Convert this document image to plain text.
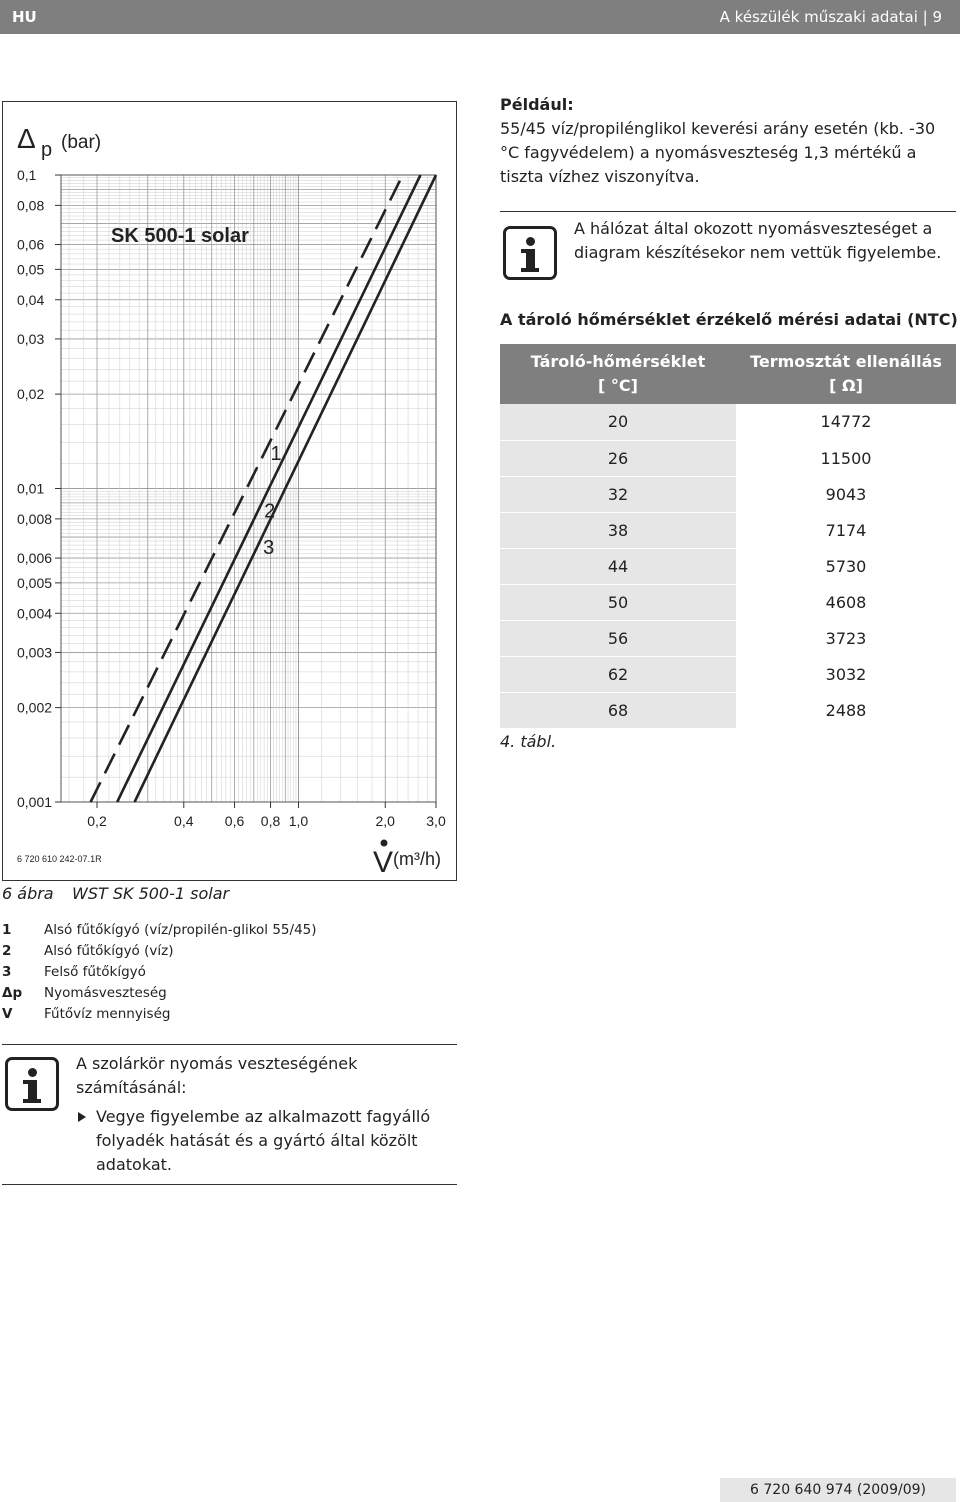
HU	A készülék műszaki adatai | 9
0,1
0,08
0,06
0,05
0,04
0,03
0,02
0,01
0,008
0,006
0,005
0,004
0,003
0,002
0,001
0,2	0,4 0,6 0,8 1,0	2,0 3,0
1
2
3
SK 500-1 solar
Δ p (bar)
V (m³/h)
6 720 610 242-07.1R
6 ábra WST SK 500-1 solar
1	Alsó fűtőkígyó (víz/propilén-glikol 55/45)
2	Alsó fűtőkígyó (víz)
3	Felső fűtőkígyó
Δp	Nyomásveszteség
V	Fűtővíz mennyiség
A szolárkör nyomás veszteségének számításánál:
Vegye figyelembe az alkalmazott fagyálló folyadék hatását és a gyártó által közölt adatokat.
Például:
55/45 víz/propilénglikol keverési arány esetén (kb. -30 °C fagyvédelem) a nyomásveszteség 1,3 mértékű a tiszta vízhez viszonyítva.
A hálózat által okozott nyomásveszteséget a diagram készítésekor nem vettük figyelembe.
A tároló hőmérséklet érzékelő mérési adatai (NTC)
Tároló-hőmérséklet
[ °C]	Termosztát ellenállás
[ Ω]
20	14772
26	11500
32	9043
38	7174
44	5730
50	4608
56	3723
62	3032
68	2488
4. tábl.
6 720 640 974 (2009/09)
